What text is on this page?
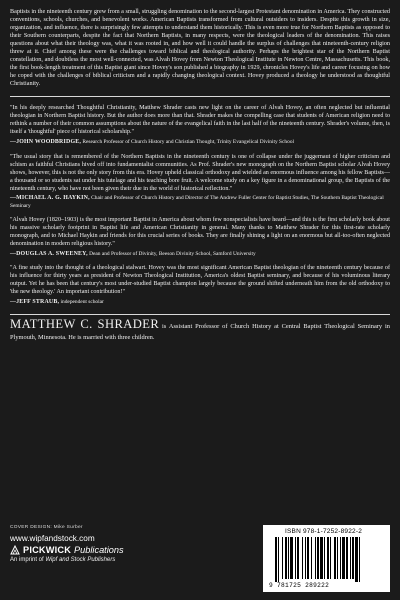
Baptists in the nineteenth century grew from a small, struggling denomination to the second-largest Protestant denomination in America. They constructed conventions, schools, churches, and benevolent works. American Baptists transformed from cultural outsiders to insiders. Despite this growth in size, organization, and influence, there is surprisingly few attempts to understand them historically. This is even more true for Northern Baptists as opposed to their Southern counterparts, despite the fact that Northern Baptists, in many respects, were the theological leaders of the denomination. This raises questions about what their theology was, what it was rooted in, and how well it could handle the surplus of challenges that nineteenth-century religion threw at it. Chief among these were the challenges toward biblical and theological authority. Perhaps the brightest star of the Northern Baptist constellation, and doubtless the most well-connected, was Alvah Hovey from Newton Theological Institute in Newton Centre, Massachusetts. This book, the first book-length treatment of this Baptist giant since Hovey's son published a biography in 1929, chronicles Hovey's life and career focusing on how he coped with the challenges of biblical criticism and a rapidly changing theological context. Hovey produced a theology he understood as thoughtful Christianity.

"In his deeply researched Thoughtful Christianity, Matthew Shrader casts new light on the career of Alvah Hovey, an often neglected but influential theologian in Northern Baptist history. But the author does more than that. Shrader makes the compelling case that students of American religion need to rethink a number of their common assumptions about the nature of the evangelical faith in the last half of the nineteenth century. Shrader's volume, then, is itself a 'thoughtful' piece of historical scholarship."

—JOHN WOODBRIDGE, Research Professor of Church History and Christian Thought, Trinity Evangelical Divinity School

"The usual story that is remembered of the Northern Baptists in the nineteenth century is one of collapse under the juggernaut of higher criticism and schism as faithful Christians hived off into fundamentalist communities. As Prof. Shrader's new monograph on the Northern Baptist scholar Alvah Hovey shows, however, this is not the only story from this era. Hovey upheld classical orthodoxy and wielded an enormous influence among his fellow Baptists—a thousand or so students sat under his tutelage and his teaching bore fruit. A welcome study on a key figure in a denominational group, the Baptists of the nineteenth century, who have not been given their due in the world of historical reflection."

—MICHAEL A. G. HAYKIN, Chair and Professor of Church History and Director of The Andrew Fuller Center for Baptist Studies, The Southern Baptist Theological Seminary

"Alvah Hovey (1820–1903) is the most important Baptist in America about whom few nonspecialists have heard—and this is the first scholarly book about his massive scholarly footprint in Baptist life and American Christianity in general. Many thanks to Matthew Shrader for this first-rate scholarly monograph, and to Michael Haykin and friends for this crucial series of books. They are finally shining a light on an enormous but all-too-often neglected denomination in modern religious history."

—DOUGLAS A. SWEENEY, Dean and Professor of Divinity, Beeson Divinity School, Samford University

"A fine study into the thought of a theological stalwart. Hovey was the most significant American Baptist theologian of the nineteenth century because of his influence for thirty years as president of Newton Theological Institution, America's oldest Baptist seminary, and because of his voluminous literary output. Yet he has been that century's most under-studied Baptist champion largely because the ground shifted underneath him from the old orthodoxy to 'the new theology.' An important contribution!"

—JEFF STRAUB, independent scholar

MATTHEW C. SHRADER is Assistant Professor of Church History at Central Baptist Theological Seminary in Plymouth, Minnesota. He is married with three children.

COVER DESIGN: Mike Surber
www.wipfandstock.com
PICKWICK Publications
An imprint of Wipf and Stock Publishers
ISBN 978-1-7252-8922-2
9 781725 289222
